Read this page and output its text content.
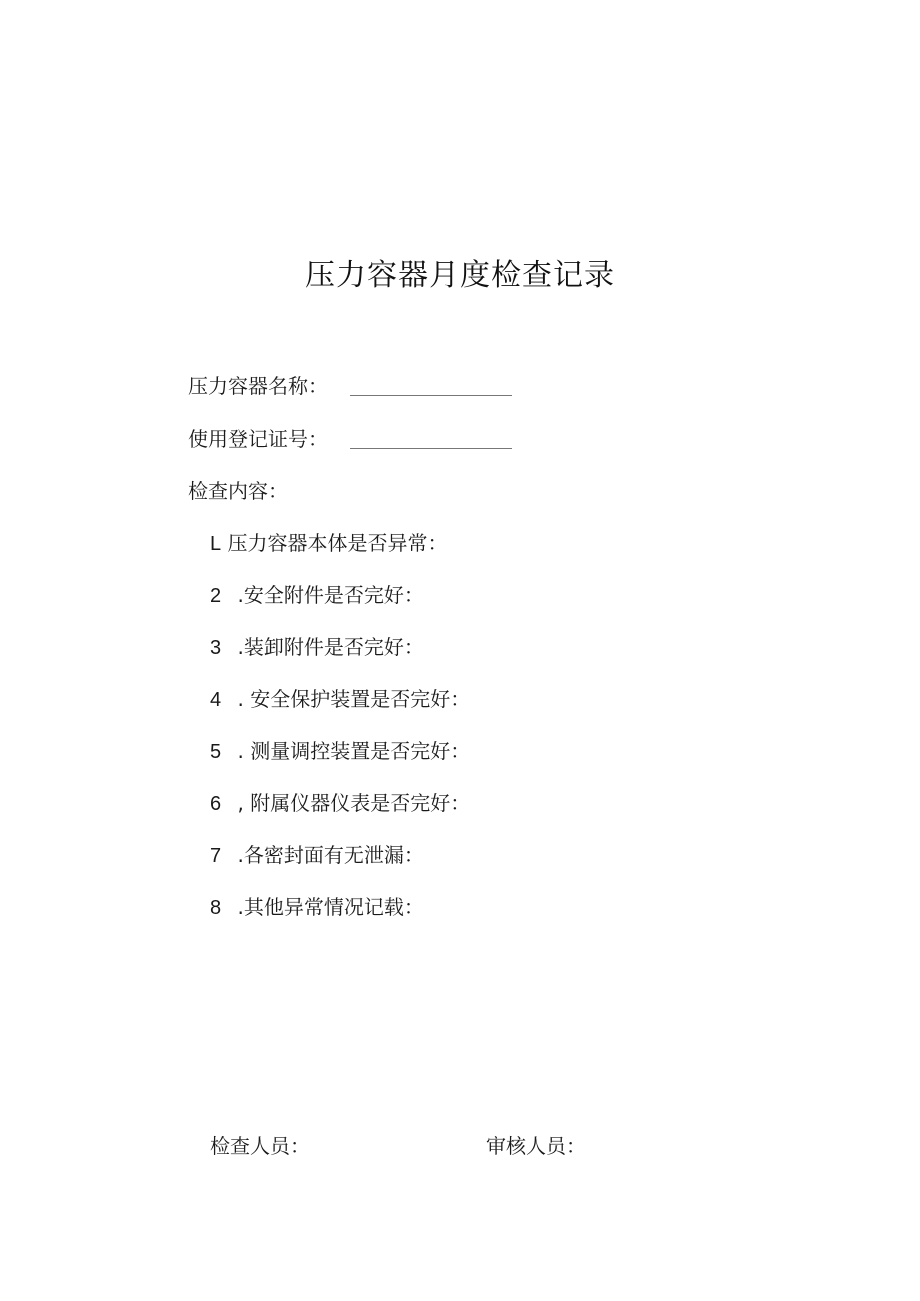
压力容器月度检查记录
压力容器名称：
使用登记证号：
检查内容：
L 压力容器本体是否异常：
2 .安全附件是否完好：
3 .装卸附件是否完好：
4 . 安全保护装置是否完好：
5 . 测量调控装置是否完好：
6 , 附属仪器仪表是否完好：
7 .各密封面有无泄漏：
8 .其他异常情况记载：
检查人员：	审核人员：
